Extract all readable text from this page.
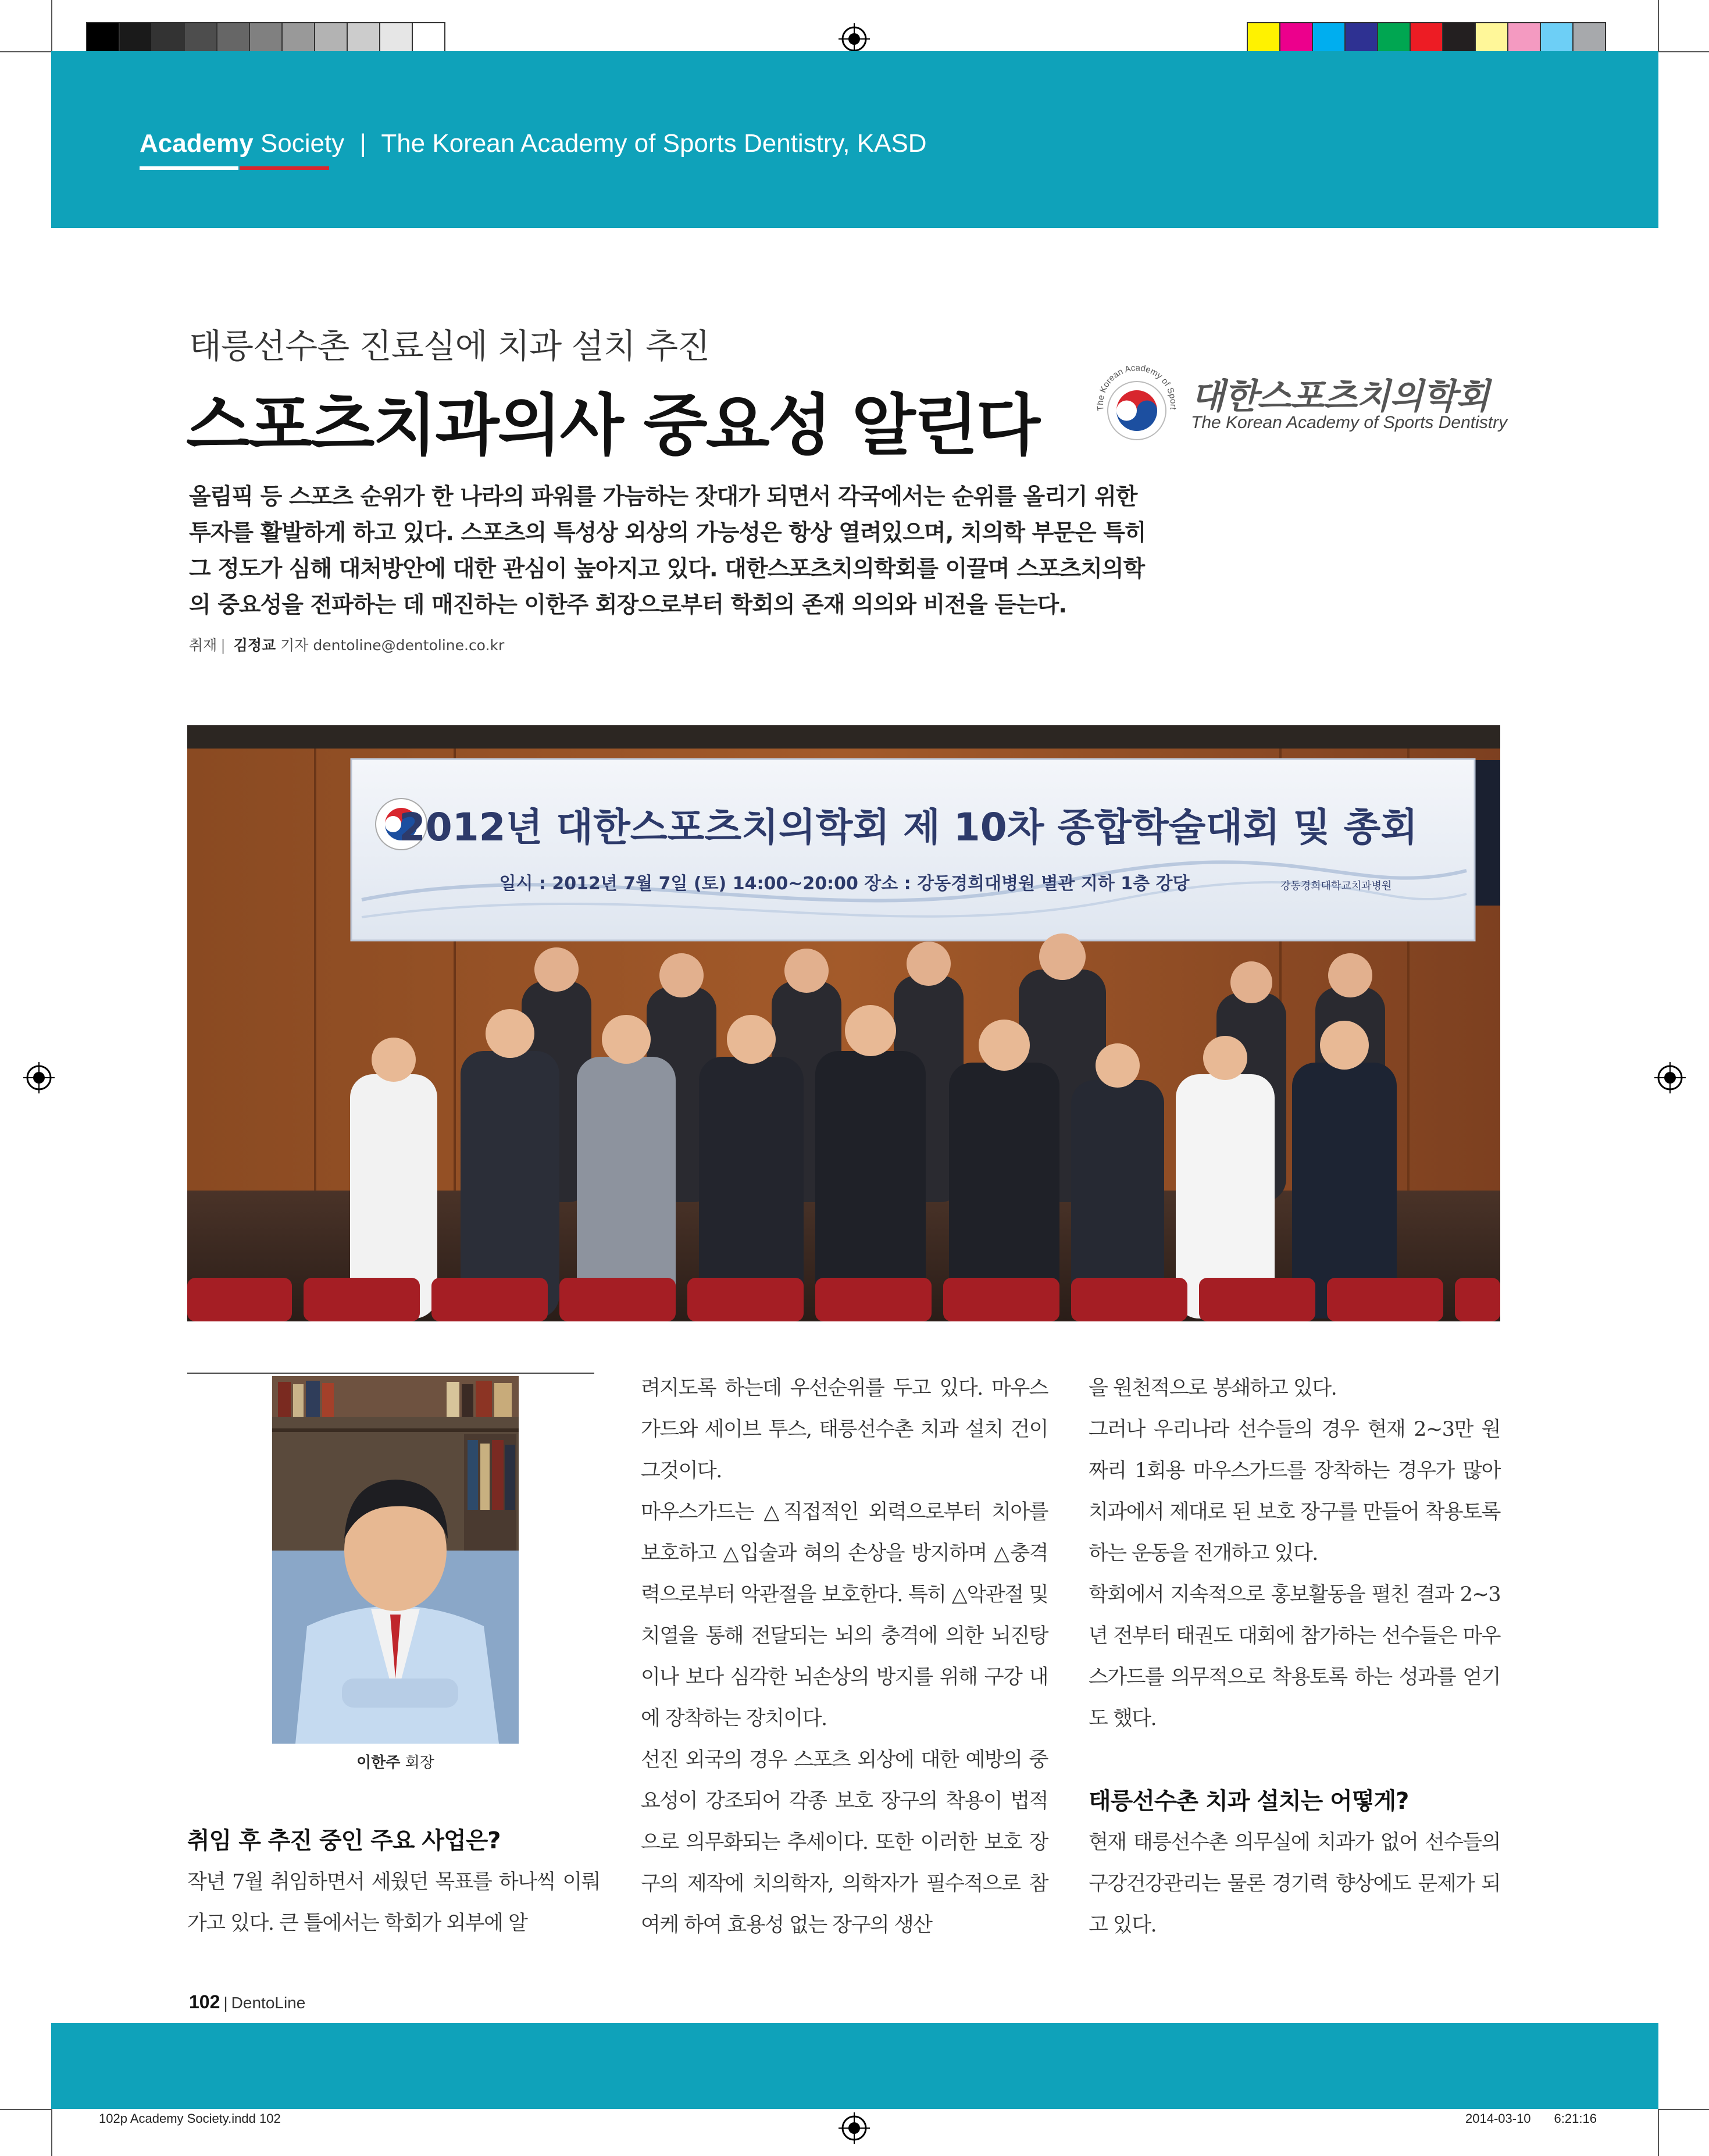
Academy Society | The Korean Academy of Sports Dentistry, KASD
태릉선수촌 진료실에 치과 설치 추진
스포츠치과의사 중요성 알린다	The Korean Academy of Sport 대한스포츠치의학회
The Korean Academy of Sports Dentistry
올림픽 등 스포츠 순위가 한 나라의 파워를 가늠하는 잣대가 되면서 각국에서는 순위를 올리기 위한 투자를 활발하게 하고 있다. 스포츠의 특성상 외상의 가능성은 항상 열려있으며, 치의학 부문은 특히 그 정도가 심해 대처방안에 대한 관심이 높아지고 있다. 대한스포츠치의학회를 이끌며 스포츠치의학의 중요성을 전파하는 데 매진하는 이한주 회장으로부터 학회의 존재 의의와 비전을 듣는다.
취재 | 김정교 기자 dentoline@dentoline.co.kr
2012년 대한스포츠치의학회 제 10차 종합학술대회 및 총회
일시 : 2012년 7월 7일 (토) 14:00~20:00 장소 : 강동경희대병원 별관 지하 1층 강당	강동경희대학교치과병원
이한주 회장
취임 후 추진 중인 주요 사업은?

작년 7월 취임하면서 세웠던 목표를 하나씩 이뤄가고 있다. 큰 틀에서는 학회가 외부에 알

려지도록 하는데 우선순위를 두고 있다. 마우스가드와 세이브 투스, 태릉선수촌 치과 설치 건이 그것이다.

마우스가드는 △직접적인 외력으로부터 치아를 보호하고 △입술과 혀의 손상을 방지하며 △충격력으로부터 악관절을 보호한다. 특히 △악관절 및 치열을 통해 전달되는 뇌의 충격에 의한 뇌진탕이나 보다 심각한 뇌손상의 방지를 위해 구강 내에 장착하는 장치이다.

선진 외국의 경우 스포츠 외상에 대한 예방의 중요성이 강조되어 각종 보호 장구의 착용이 법적으로 의무화되는 추세이다. 또한 이러한 보호 장구의 제작에 치의학자, 의학자가 필수적으로 참여케 하여 효용성 없는 장구의 생산

을 원천적으로 봉쇄하고 있다.

그러나 우리나라 선수들의 경우 현재 2~3만 원 짜리 1회용 마우스가드를 장착하는 경우가 많아 치과에서 제대로 된 보호 장구를 만들어 착용토록 하는 운동을 전개하고 있다.

학회에서 지속적으로 홍보활동을 펼친 결과 2~3년 전부터 태권도 대회에 참가하는 선수들은 마우스가드를 의무적으로 착용토록 하는 성과를 얻기도 했다.

태릉선수촌 치과 설치는 어떻게?

현재 태릉선수촌 의무실에 치과가 없어 선수들의 구강건강관리는 물론 경기력 향상에도 문제가 되고 있다.

102 | DentoLine
102p Academy Society.indd 102	2014-03-10 6:21:16
